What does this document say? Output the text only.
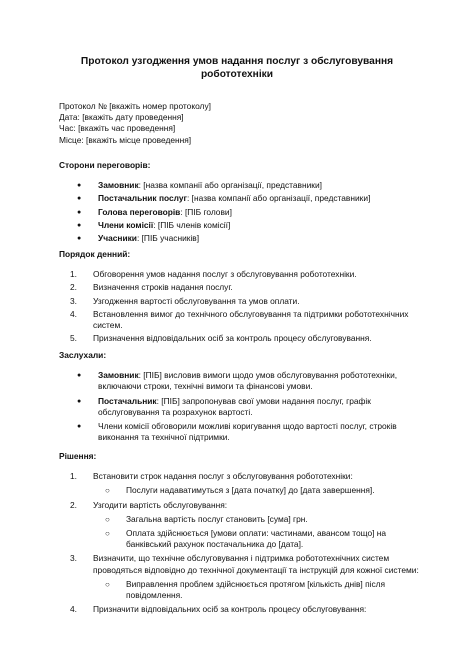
Протокол узгодження умов надання послуг з обслуговування
робототехніки

Протокол № [вкажіть номер протоколу]

Дата: [вкажіть дату проведення]

Час: [вкажіть час проведення]

Місце: [вкажіть місце проведення]

Сторони переговорів:

● Замовник: [назва компанії або організації, представники]
● Постачальник послуг: [назва компанії або організації, представники]
● Голова переговорів: [ПІБ голови]
● Члени комісії: [ПІБ членів комісії]
● Учасники: [ПІБ учасників]

Порядок денний:

1. Обговорення умов надання послуг з обслуговування робототехніки.
2. Визначення строків надання послуг.
3. Узгодження вартості обслуговування та умов оплати.
4. Встановлення вимог до технічного обслуговування та підтримки робототехнічних систем.
5. Призначення відповідальних осіб за контроль процесу обслуговування.

Заслухали:

● Замовник: [ПІБ] висловив вимоги щодо умов обслуговування робототехніки, включаючи строки, технічні вимоги та фінансові умови.
● Постачальник: [ПІБ] запропонував свої умови надання послуг, графік обслуговування та розрахунок вартості.
● Члени комісії обговорили можливі коригування щодо вартості послуг, строків виконання та технічної підтримки.

Рішення:

1. Встановити строк надання послуг з обслуговування робототехніки:
○ Послуги надаватимуться з [дата початку] до [дата завершення].
2. Узгодити вартість обслуговування:
○ Загальна вартість послуг становить [сума] грн.
○ Оплата здійснюється [умови оплати: частинами, авансом тощо] на банківський рахунок постачальника до [дата].
3. Визначити, що технічне обслуговування і підтримка робототехнічних систем проводяться відповідно до технічної документації та інструкцій для кожної системи:
○ Виправлення проблем здійснюється протягом [кількість днів] після повідомлення.
4. Призначити відповідальних осіб за контроль процесу обслуговування:
